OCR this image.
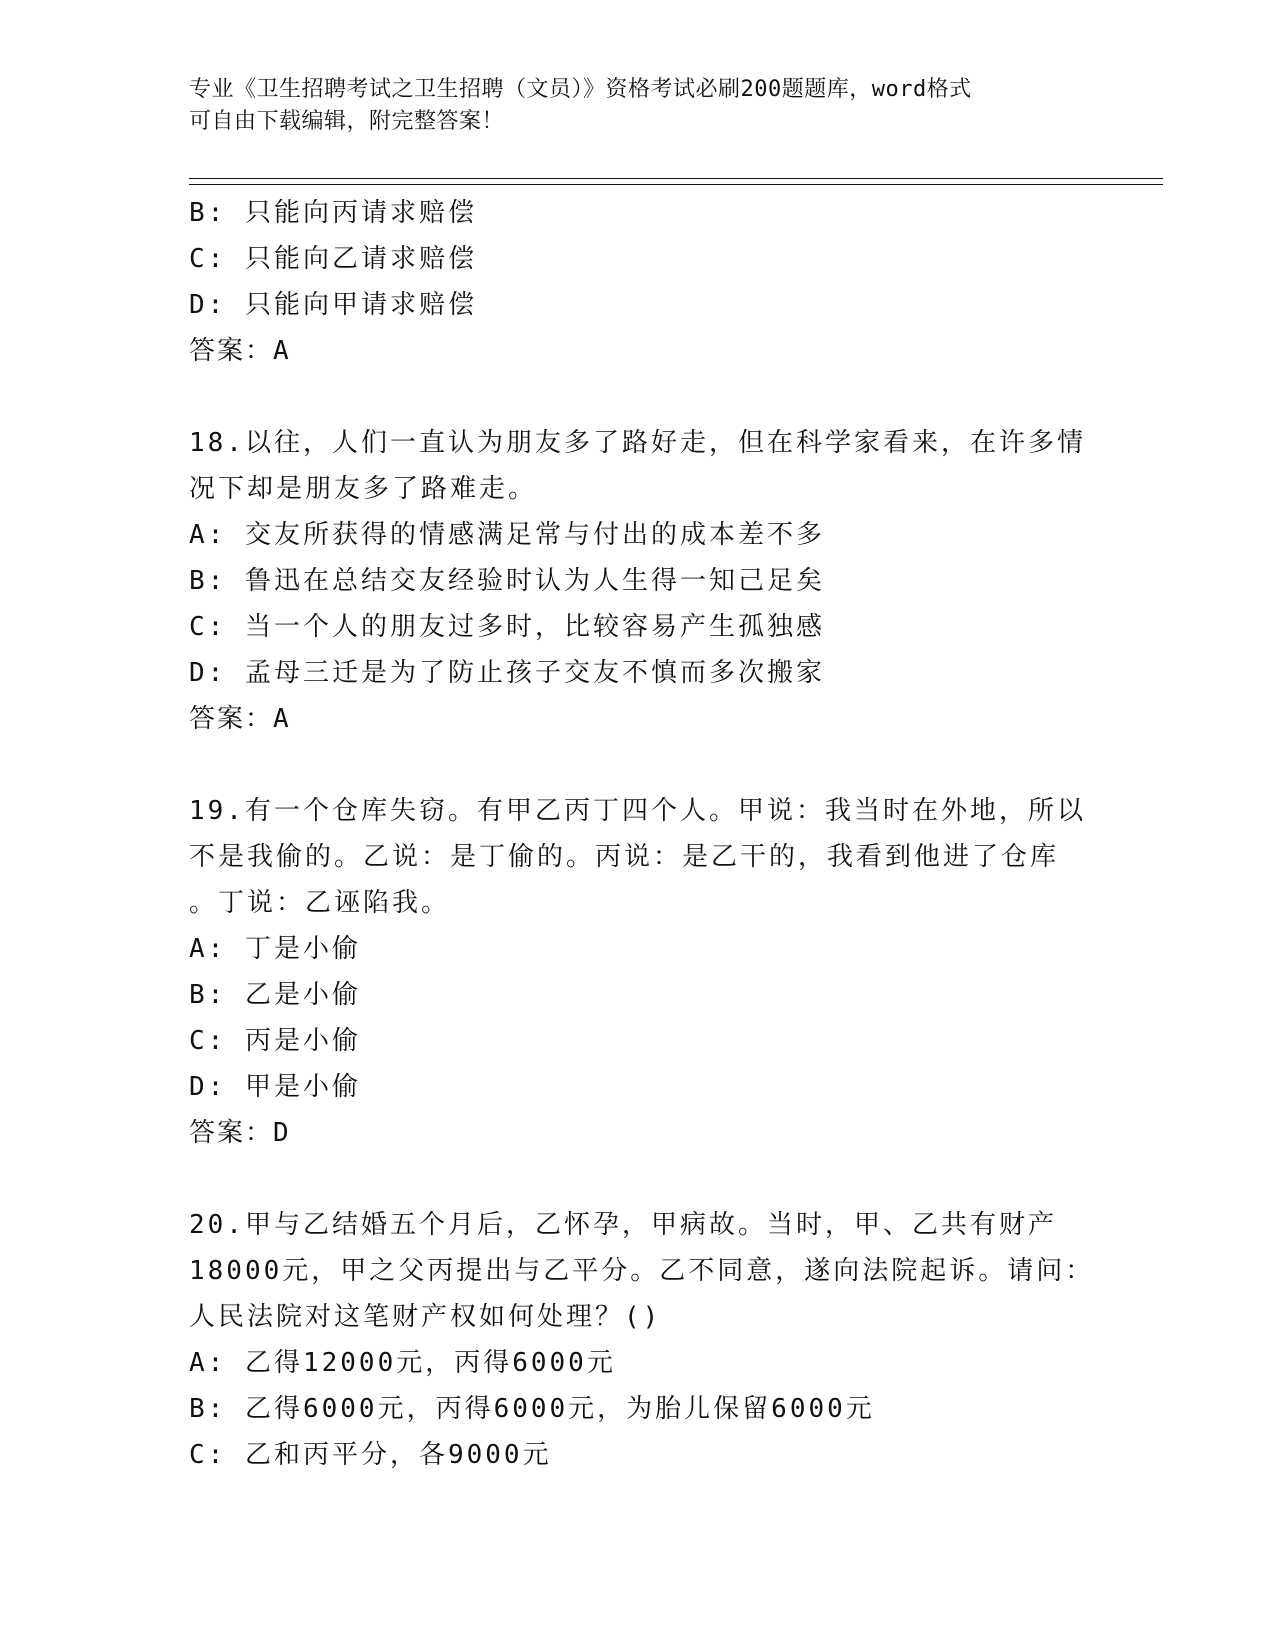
专业《卫生招聘考试之卫生招聘（文员）》资格考试必刷200题题库，word格式
可自由下载编辑，附完整答案！
B: 只能向丙请求赔偿
C: 只能向乙请求赔偿
D: 只能向甲请求赔偿
答案：A
18.以往，人们一直认为朋友多了路好走，但在科学家看来，在许多情
况下却是朋友多了路难走。
A: 交友所获得的情感满足常与付出的成本差不多
B: 鲁迅在总结交友经验时认为人生得一知己足矣
C: 当一个人的朋友过多时，比较容易产生孤独感
D: 孟母三迁是为了防止孩子交友不慎而多次搬家
答案：A
19.有一个仓库失窃。有甲乙丙丁四个人。甲说：我当时在外地，所以
不是我偷的。乙说：是丁偷的。丙说：是乙干的，我看到他进了仓库
。丁说：乙诬陷我。
A: 丁是小偷
B: 乙是小偷
C: 丙是小偷
D: 甲是小偷
答案：D
20.甲与乙结婚五个月后，乙怀孕，甲病故。当时，甲、乙共有财产
18000元，甲之父丙提出与乙平分。乙不同意，遂向法院起诉。请问：
人民法院对这笔财产权如何处理？()
A: 乙得12000元，丙得6000元
B: 乙得6000元，丙得6000元，为胎儿保留6000元
C: 乙和丙平分，各9000元
